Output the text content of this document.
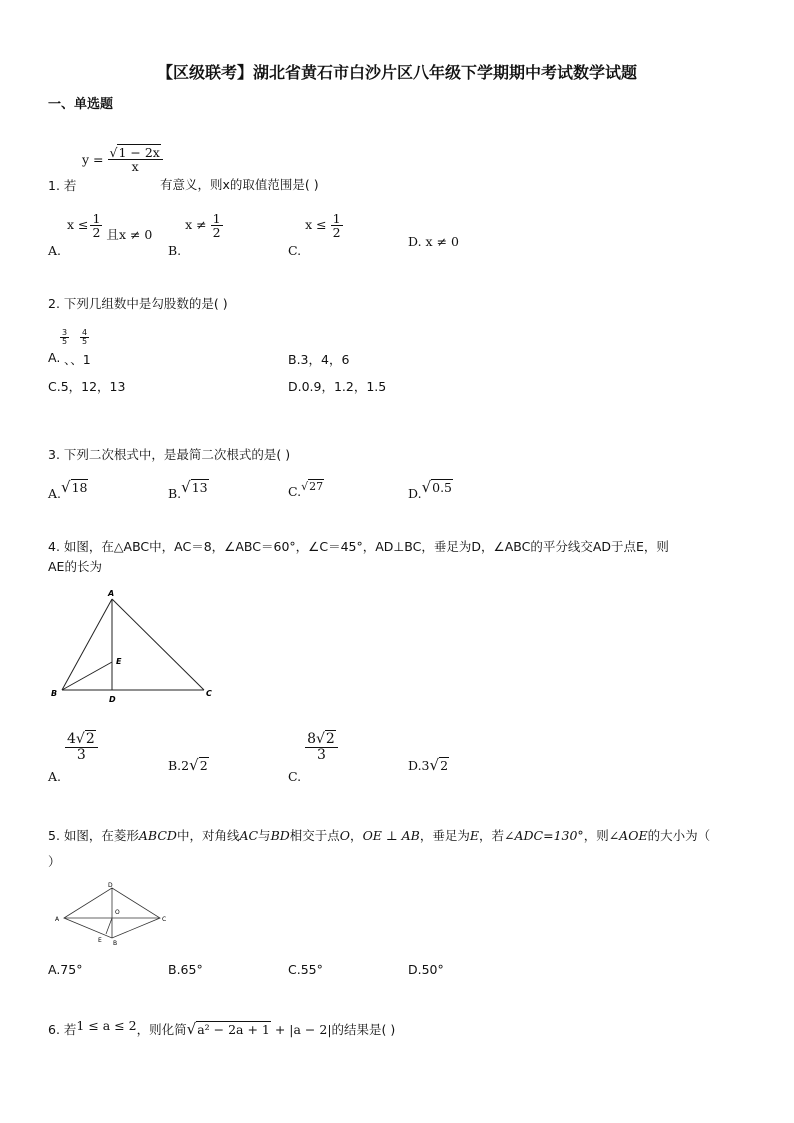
【区级联考】湖北省黄石市白沙片区八年级下学期期中考试数学试题
一、单选题
1. 若
$y = \frac{√1 - 2x}{x}$
有意义，则x的取值范围是( )
A. $x \le \frac{1}{2}$ 且x ≠ 0
B. $x \ne \frac{1}{2}$
C. $x \le \frac{1}{2}$
D. x ≠ 0
2. 下列几组数中是勾股数的是( )
A.
$\frac{3}{5} \frac{4}{5}$
、、1	B.3，4，6
C.5，12，13	D.0.9，1.2，1.5
3. 下列二次根式中，是最简二次根式的是( )
A.√18	B.√13	C.√27	D.√0.5
4. 如图，在△ABC中，AC＝8，∠ABC＝60°，∠C＝45°，AD⊥BC，垂足为D，∠ABC的平分线交AD于点E，则
AE的长为
A
B	C
D
E
A.
$\frac{4√2}{3}$
B.2√2
C.
$\frac{8√2}{3}$
D.3√2
5. 如图，在菱形ABCD中，对角线AC与BD相交于点O，OE ⊥ AB，垂足为E，若∠ADC=130°，则∠AOE的大小为（
）
D
A	C
B
O
E
A.75°	B.65°	C.55°	D.50°
6. 若1 ≤ a ≤ 2，则化简√a² − 2a + 1 + |a − 2|的结果是( )
